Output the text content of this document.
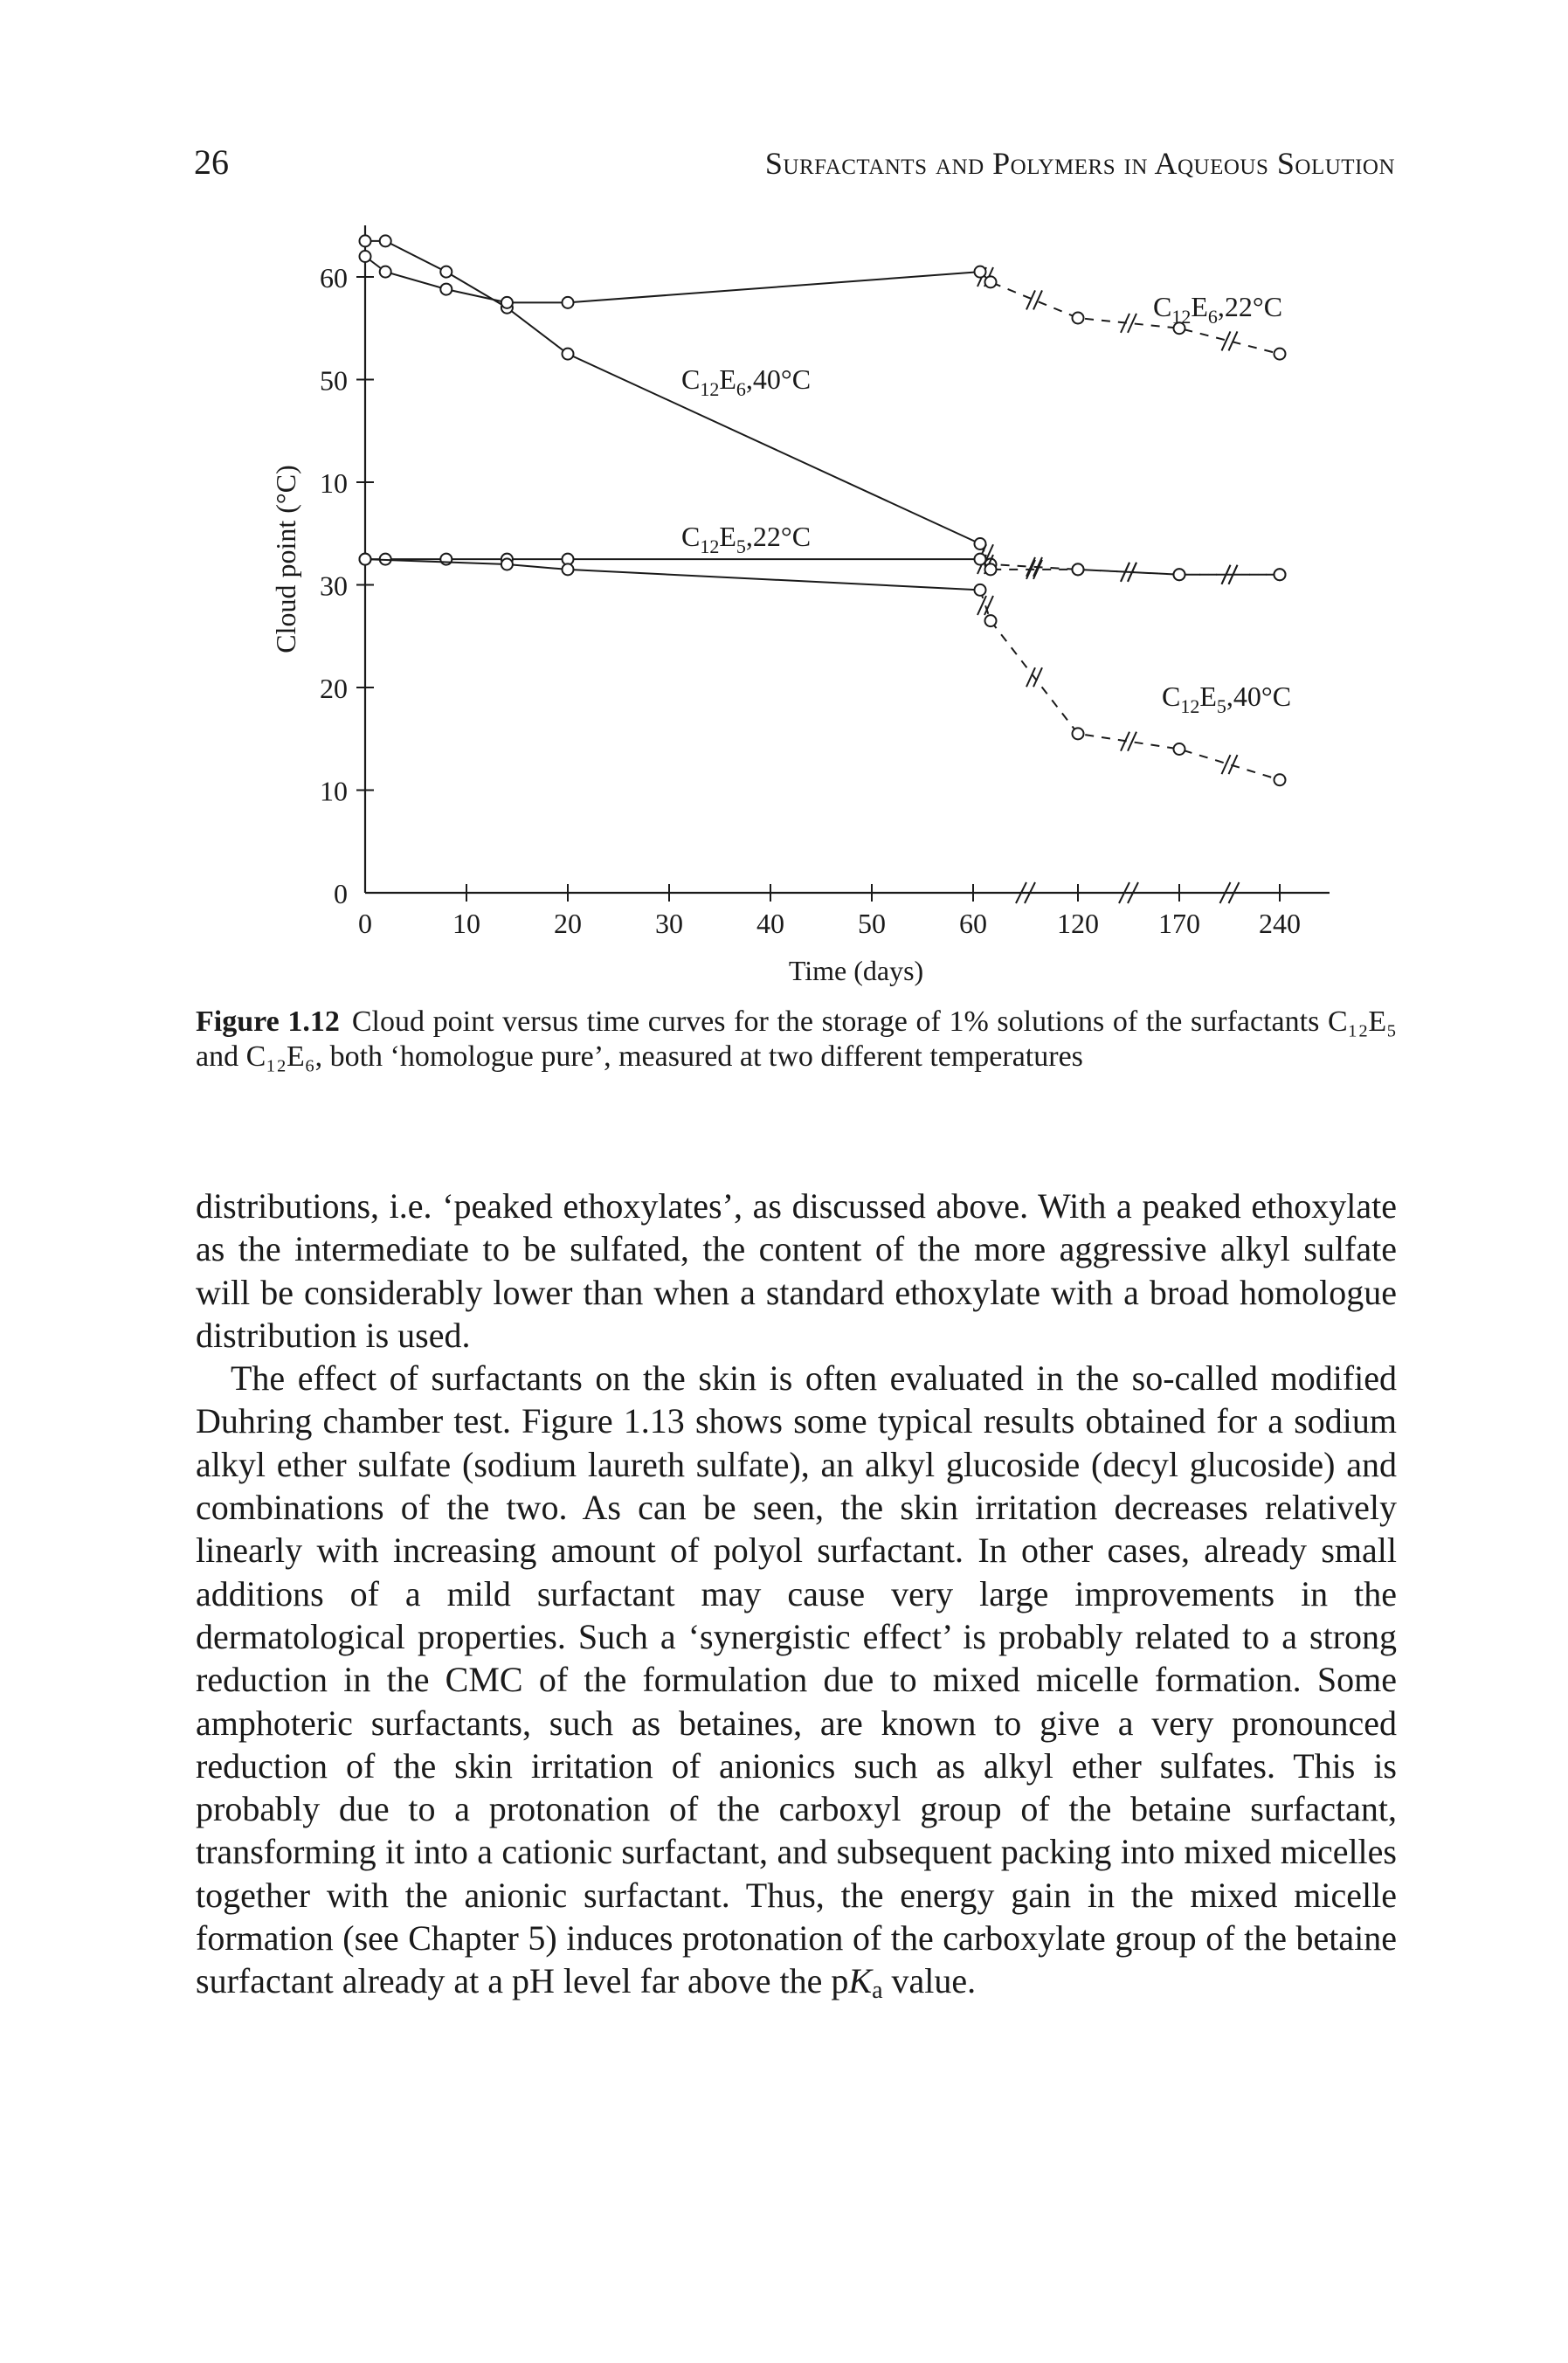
26	Surfactants and Polymers in Aqueous Solution
0
10
20
30
10
50
60
0	10	20	30	40	50	60	120 170 240
Time (days)
Cloud point (°C)
$C_{12}E_6,40^\circ C$
$C_{12}E_6,22^\circ C$
$C_{12}E_5,22^\circ C$
$C_{12}E_5,40^\circ C$
Figure 1.12 Cloud point versus time curves for the storage of 1% solutions of the surfactants C₁₂E₅ and C₁₂E₆, both ‘homologue pure’, measured at two different temperatures

distributions, i.e. ‘peaked ethoxylates’, as discussed above. With a peaked ethoxylate as the intermediate to be sulfated, the content of the more aggressive alkyl sulfate will be considerably lower than when a standard ethoxylate with a broad homologue distribution is used.

The effect of surfactants on the skin is often evaluated in the so-called modified Duhring chamber test. Figure 1.13 shows some typical results obtained for a sodium alkyl ether sulfate (sodium laureth sulfate), an alkyl glucoside (decyl glucoside) and combinations of the two. As can be seen, the skin irritation decreases relatively linearly with increasing amount of polyol surfactant. In other cases, already small additions of a mild surfactant may cause very large improvements in the dermatological properties. Such a ‘synergistic effect’ is probably related to a strong reduction in the CMC of the formulation due to mixed micelle formation. Some amphoteric surfactants, such as betaines, are known to give a very pronounced reduction of the skin irritation of anionics such as alkyl ether sulfates. This is probably due to a protonation of the carboxyl group of the betaine surfactant, transforming it into a cationic surfactant, and subsequent packing into mixed micelles together with the anionic surfactant. Thus, the energy gain in the mixed micelle formation (see Chapter 5) induces protonation of the carboxylate group of the betaine surfactant already at a pH level far above the $pK_a$ value.
